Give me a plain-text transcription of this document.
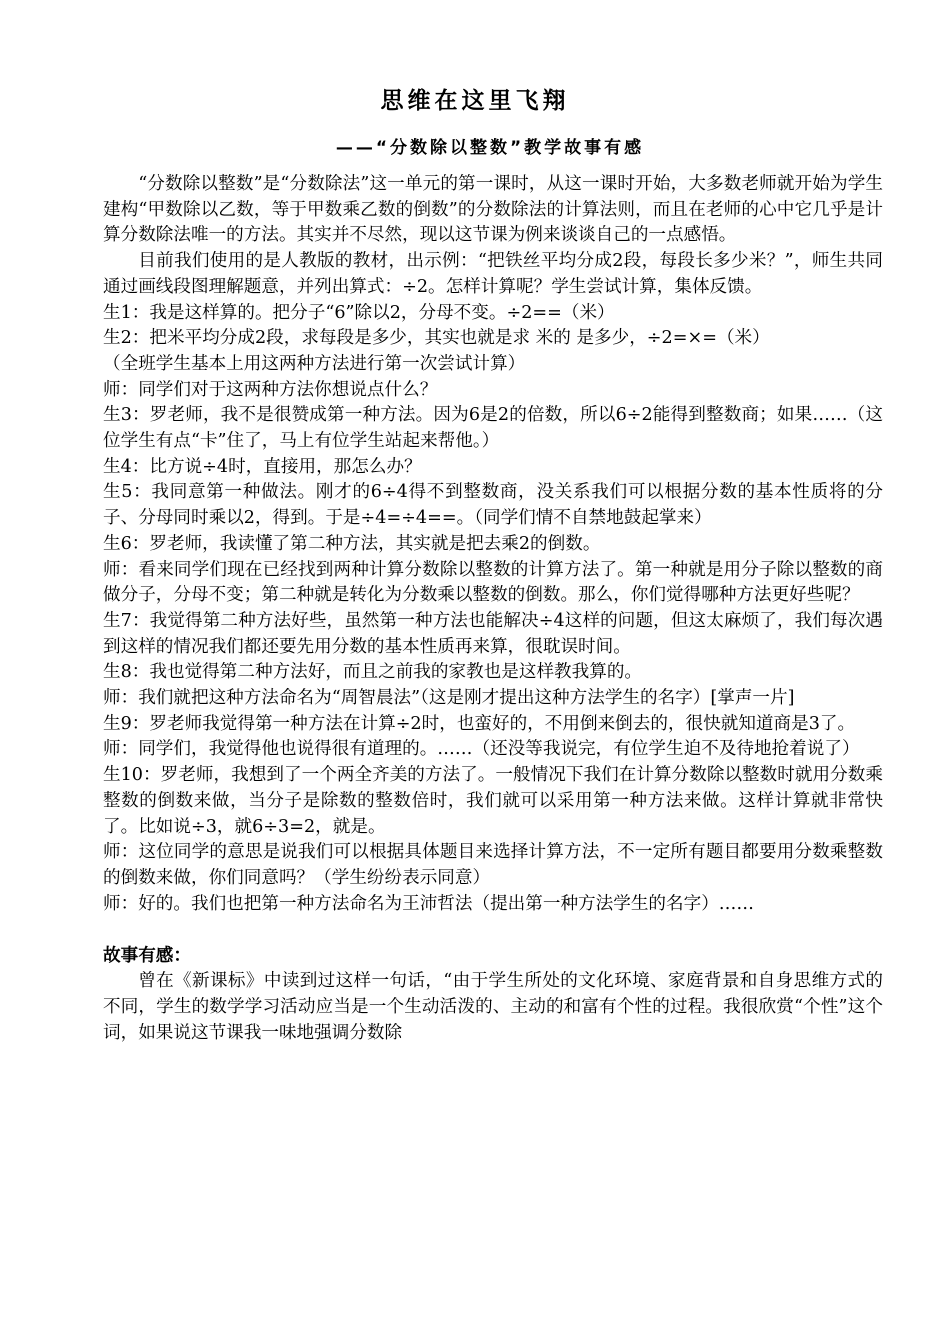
思维在这里飞翔
——“分数除以整数”教学故事有感

“分数除以整数”是“分数除法”这一单元的第一课时，从这一课时开始，大多数老师就开始为学生建构“甲数除以乙数，等于甲数乘乙数的倒数”的分数除法的计算法则，而且在老师的心中它几乎是计算分数除法唯一的方法。其实并不尽然，现以这节课为例来谈谈自己的一点感悟。

目前我们使用的是人教版的教材，出示例：“把铁丝平均分成2段，每段长多少米？”，师生共同通过画线段图理解题意，并列出算式：÷2。怎样计算呢？学生尝试计算，集体反馈。

生1：我是这样算的。把分子“6”除以2，分母不变。÷2==（米）

生2：把米平均分成2段，求每段是多少，其实也就是求 米的 是多少，÷2=×=（米）

（全班学生基本上用这两种方法进行第一次尝试计算）

师：同学们对于这两种方法你想说点什么？

生3：罗老师，我不是很赞成第一种方法。因为6是2的倍数，所以6÷2能得到整数商；如果……（这位学生有点“卡”住了，马上有位学生站起来帮他。）

生4：比方说÷4时，直接用，那怎么办？

生5：我同意第一种做法。刚才的6÷4得不到整数商，没关系我们可以根据分数的基本性质将的分子、分母同时乘以2，得到。于是÷4=÷4==。（同学们情不自禁地鼓起掌来）

生6：罗老师，我读懂了第二种方法，其实就是把去乘2的倒数。

师：看来同学们现在已经找到两种计算分数除以整数的计算方法了。第一种就是用分子除以整数的商做分子，分母不变；第二种就是转化为分数乘以整数的倒数。那么，你们觉得哪种方法更好些呢？

生7：我觉得第二种方法好些，虽然第一种方法也能解决÷4这样的问题，但这太麻烦了，我们每次遇到这样的情况我们都还要先用分数的基本性质再来算，很耽误时间。

生8：我也觉得第二种方法好，而且之前我的家教也是这样教我算的。

师：我们就把这种方法命名为“周智晨法”（这是刚才提出这种方法学生的名字）[掌声一片]

生9：罗老师我觉得第一种方法在计算÷2时，也蛮好的，不用倒来倒去的，很快就知道商是3了。

师：同学们，我觉得他也说得很有道理的。……（还没等我说完，有位学生迫不及待地抢着说了）

生10：罗老师，我想到了一个两全齐美的方法了。一般情况下我们在计算分数除以整数时就用分数乘整数的倒数来做，当分子是除数的整数倍时，我们就可以采用第一种方法来做。这样计算就非常快了。比如说÷3，就6÷3=2，就是。

师：这位同学的意思是说我们可以根据具体题目来选择计算方法，不一定所有题目都要用分数乘整数的倒数来做，你们同意吗？（学生纷纷表示同意）

师：好的。我们也把第一种方法命名为王沛哲法（提出第一种方法学生的名字）……

故事有感：

曾在《新课标》中读到过这样一句话，“由于学生所处的文化环境、家庭背景和自身思维方式的不同，学生的数学学习活动应当是一个生动活泼的、主动的和富有个性的过程。我很欣赏“个性”这个词，如果说这节课我一味地强调分数除
